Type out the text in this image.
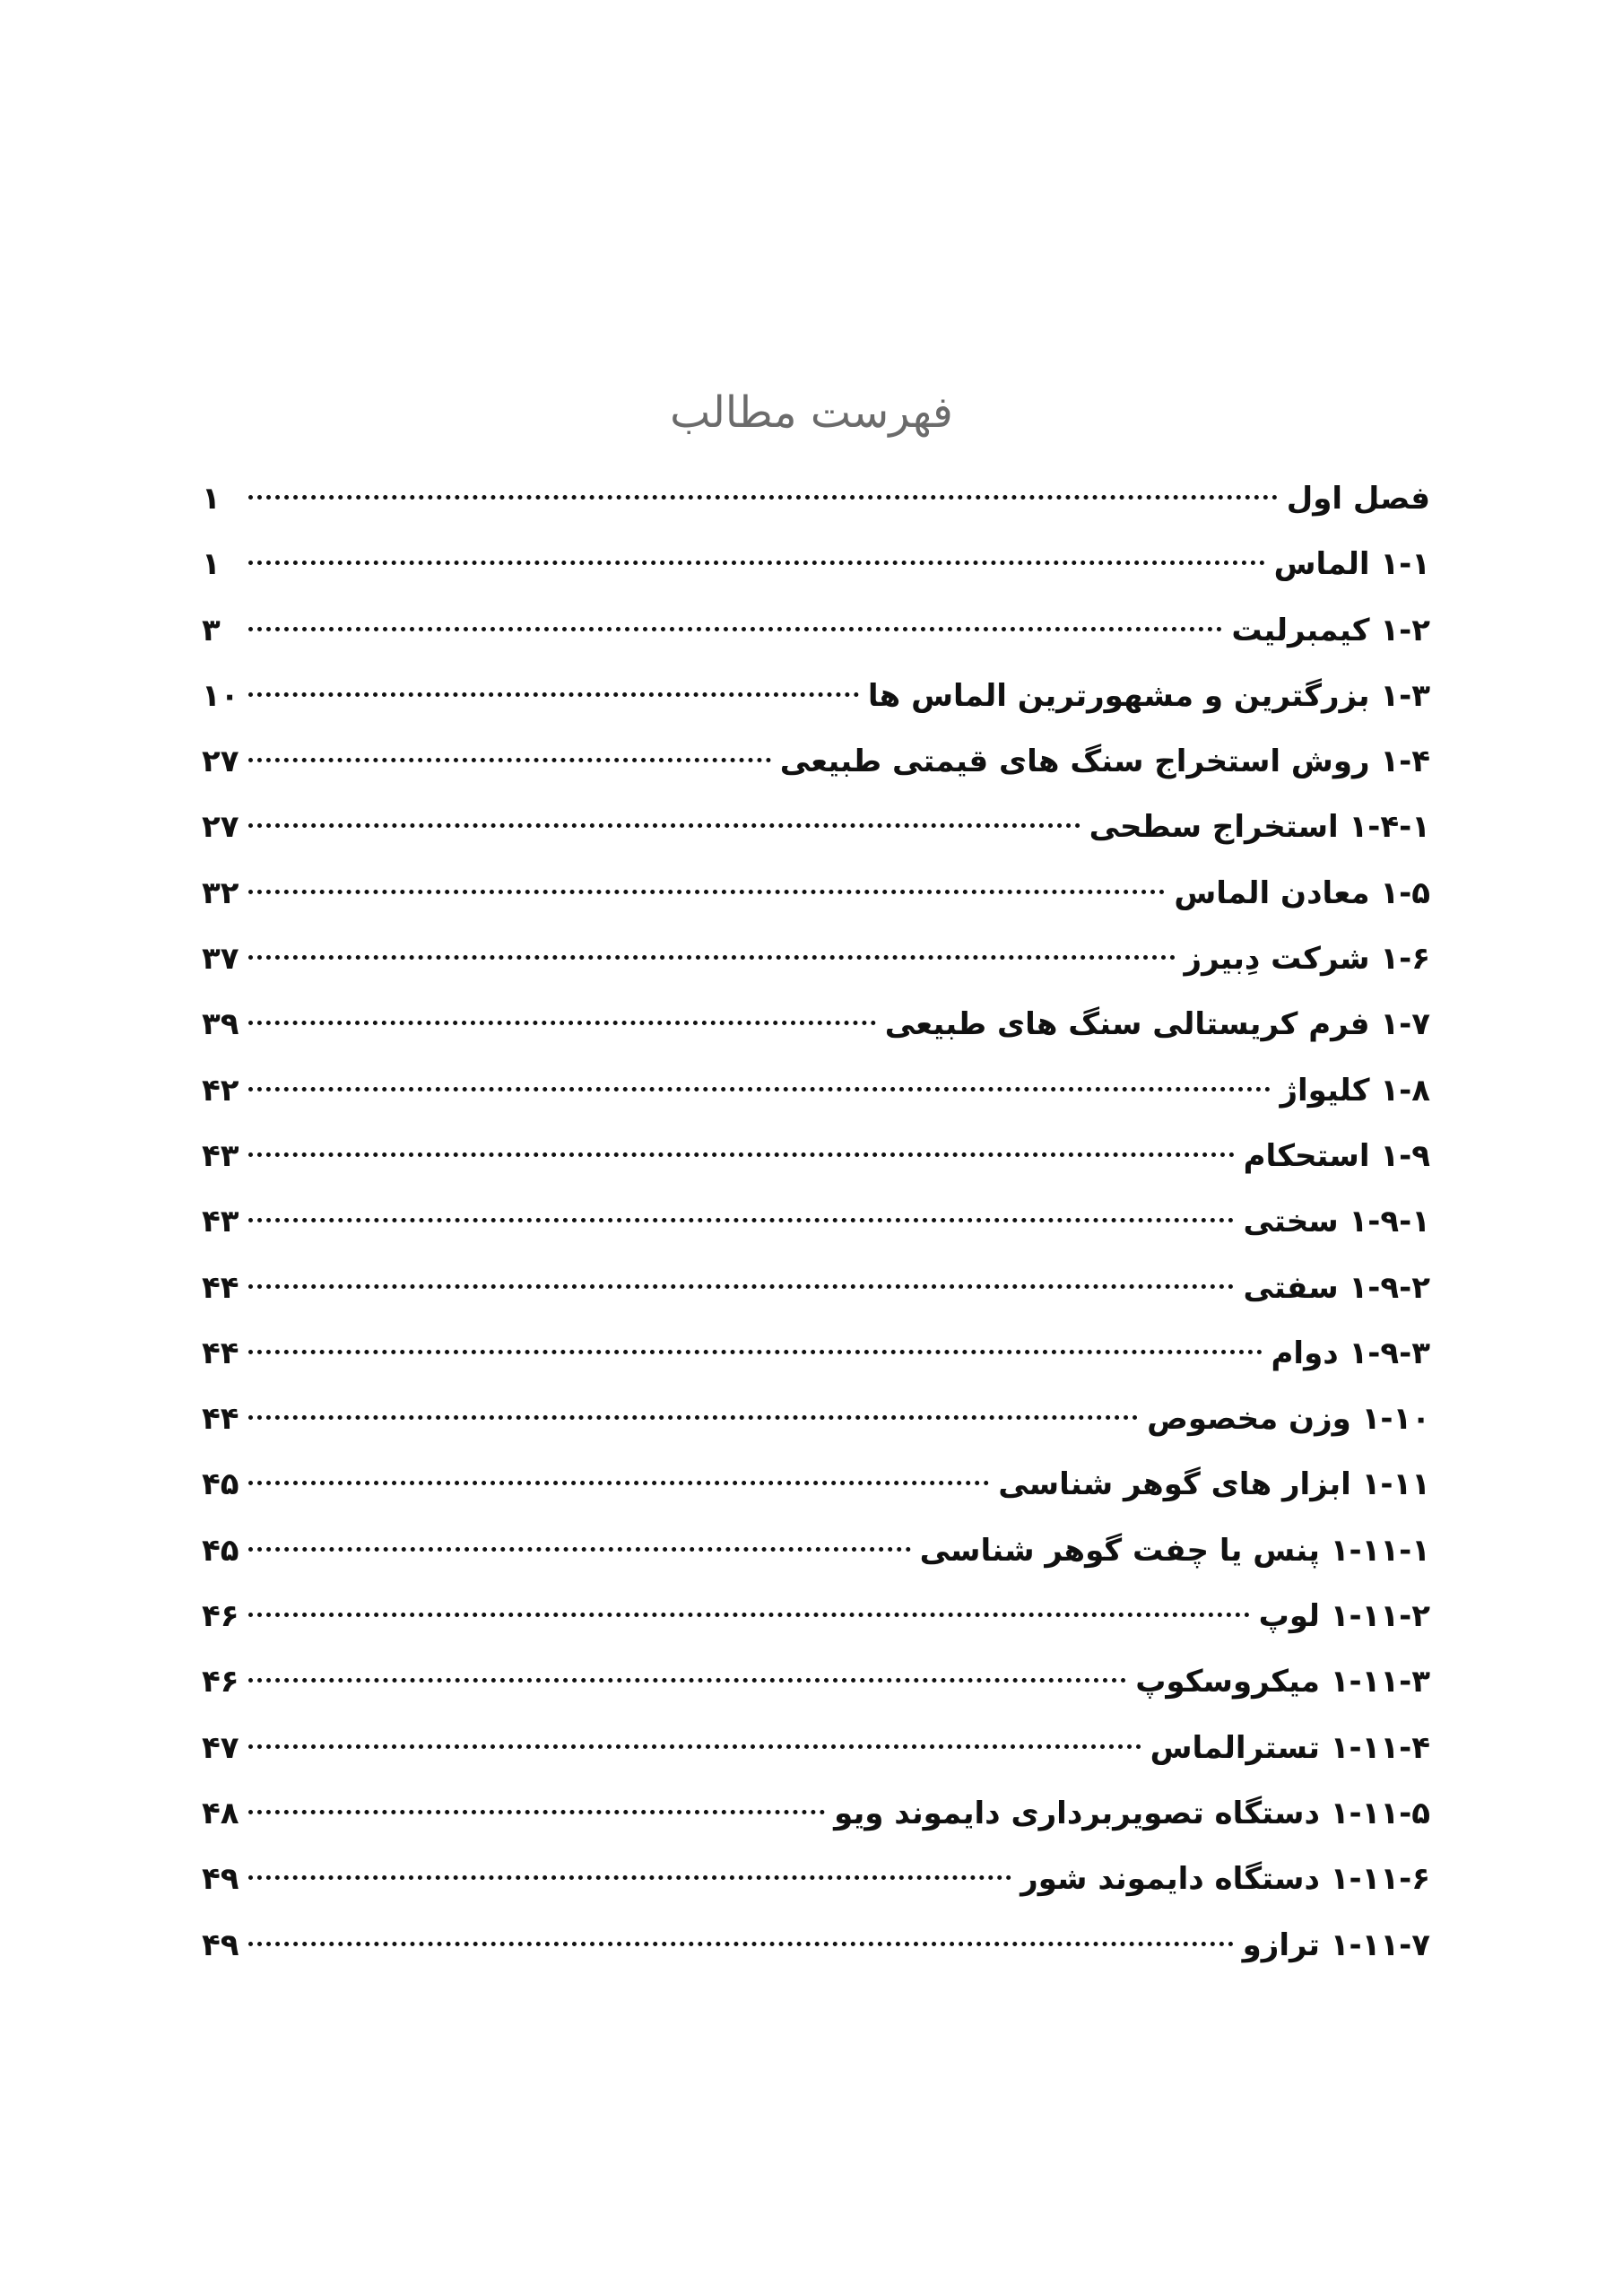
فهرست مطالب
فصل اول
۱
۱-۱ الماس
۱
۱-۲ کیمبرلیت
۳
۱-۳ بزرگترین و مشهورترین الماس ها
۱۰
۱-۴ روش استخراج سنگ های قیمتی طبیعی
۲۷
۱-۴-۱ استخراج سطحی
۲۷
۱-۵ معادن الماس
۳۲
۱-۶ شرکت دِبیرز
۳۷
۱-۷ فرم کریستالی سنگ های طبیعی
۳۹
۱-۸ کلیواژ
۴۲
۱-۹ استحکام
۴۳
۱-۹-۱ سختی
۴۳
۱-۹-۲ سفتی
۴۴
۱-۹-۳ دوام
۴۴
۱-۱۰ وزن مخصوص
۴۴
۱-۱۱ ابزار های گوهر شناسی
۴۵
۱-۱۱-۱ پنس یا چفت گوهر شناسی
۴۵
۱-۱۱-۲ لوپ
۴۶
۱-۱۱-۳ میکروسکوپ
۴۶
۱-۱۱-۴ تسترالماس
۴۷
۱-۱۱-۵ دستگاه تصویربرداری دایموند ویو
۴۸
۱-۱۱-۶ دستگاه دایموند شور
۴۹
۱-۱۱-۷ ترازو
۴۹
